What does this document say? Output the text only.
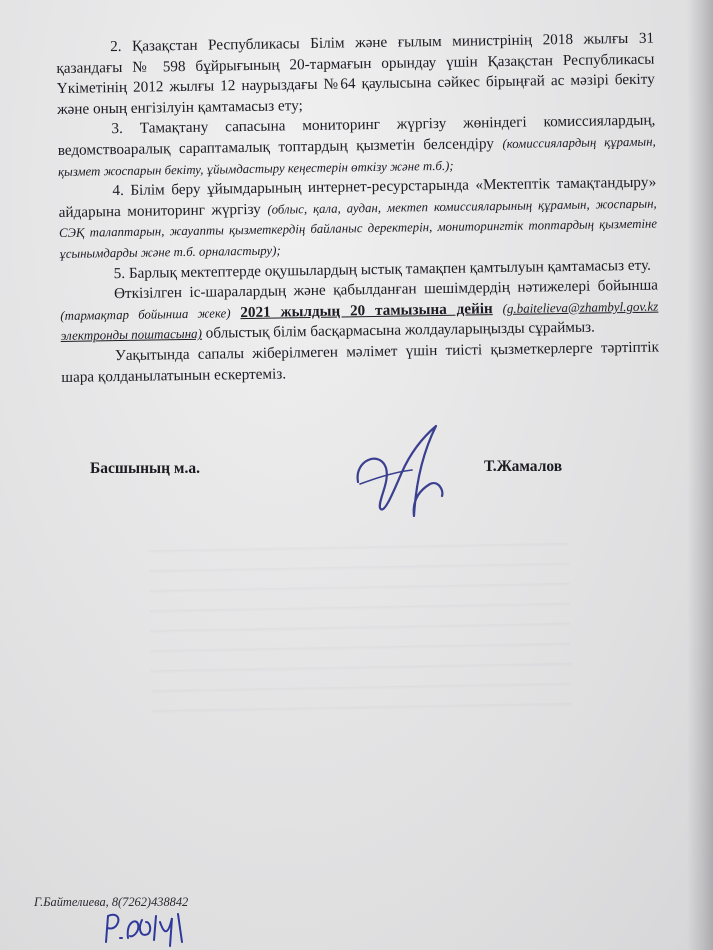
2. Қазақстан Республикасы Білім және ғылым министрінің 2018 жылғы 31 қазандағы № 598 бұйрығының 20-тармағын орындау үшін Қазақстан Республикасы Үкіметінің 2012 жылғы 12 наурыздағы №64 қаулысына сәйкес бірыңғай ас мәзірі бекіту және оның енгізілуін қамтамасыз ету;

3. Тамақтану сапасына мониторинг жүргізу жөніндегі комиссиялардың, ведомствоаралық сараптамалық топтардың қызметін белсендіру (комиссиялардың құрамын, қызмет жоспарын бекіту, ұйымдастыру кеңестерін өткізу және т.б.);

4. Білім беру ұйымдарының интернет-ресурстарында «Мектептік тамақтандыру» айдарына мониторинг жүргізу (облыс, қала, аудан, мектеп комиссияларының құрамын, жоспарын, СЭҚ талаптарын, жауапты қызметкердің байланыс деректерін, мониторингтік топтардың қызметіне ұсынымдарды және т.б. орналастыру);

5. Барлық мектептерде оқушылардың ыстық тамақпен қамтылуын қамтамасыз ету.

Өткізілген іс-шаралардың және қабылданған шешімдердің нәтижелері бойынша (тармақтар бойынша жеке) 2021 жылдың 20 тамызына дейін (g.baitelieva@zhambyl.gov.kz электронды поштасына) облыстық білім басқармасына жолдауларыңызды сұраймыз.

Уақытында сапалы жіберілмеген мәлімет үшін тиісті қызметкерлерге тәртіптік шара қолданылатынын ескертеміз.

Басшының м.а.	Т.Жамалов
Г.Байтелиева, 8(7262)438842
